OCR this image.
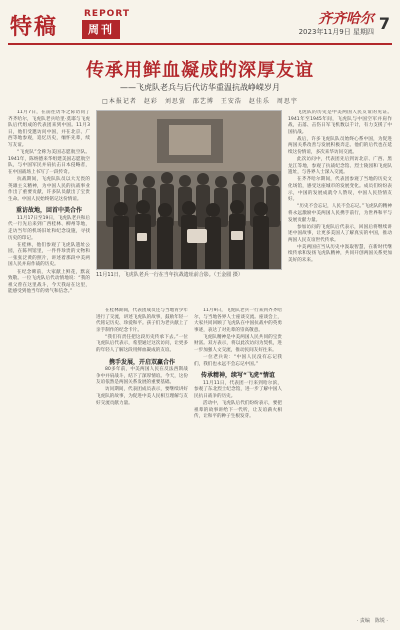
特稿	REPORT
周刊
齐齐哈尔
2023年11月9日 星期四 7
传承用鲜血凝成的深厚友谊
——飞虎队老兵与后代访华重温抗战峥嵘岁月
□本报记者　赵彩　刘思萤　邵艺博　王安浩　赵佳乐　周思宇

11月7日，在前往访华之际访问了齐齐哈尔，飞虎队老兵哈里·莫耶与飞虎队后代组成的代表团来到中国。11月3日，他们受邀访问中国，并在北京、广西等地参观，追忆历史，缅怀先辈，续写友谊。

“飞虎队”全称为美国志愿航空队。1941年，陈纳德来华组建美国志愿航空队，与中国军民并肩抗击日本侵略者，在中国战场上书写了一段传奇。

抗战期间，飞虎队队员以大无畏的英雄主义精神，为中国人民的抗战事业作出了重要贡献，许多队员献出了宝贵生命。中国人民始终铭记这份情谊。

重访故地，回首中美合作

11月17日至19日，飞虎队老兵和后代一行先后来到广西桂林、柳州等地，走访当年的机场旧址和纪念设施，寻找历史的印记。

在桂林，他们参观了飞虎队遗址公园，在陈列馆里，一件件珍贵的文物和一张张泛黄的照片，讲述着那段中美两国人民并肩作战的历史。

在纪念碑前，大家献上鲜花，默哀致敬。一位飞虎队后代动情地说：“我的祖父曾在这里战斗，今天我站在这里，能感受到他当年的勇气和信念。”

11月11日，飞虎队老兵一行在当年抗战遗址前合影。（王金圆 摄）

在桂林期间，代表团成员还与当地青少年进行了交流，讲述飞虎队的故事，鼓励年轻一代铭记历史、珍爱和平。孩子们为老兵献上了亲手制作的纪念卡片。

“我们有责任把这段历史传承下去。”一位飞虎队后代表示，希望通过这次访问，让更多的年轻人了解这段用鲜血凝成的友谊。

携手发展，开启双赢合作

80多年前，中美两国人民在反法西斯战争中并肩战斗，结下了深厚情谊。今天，这份友谊依然是两国关系发展的重要基础。

访问期间，代表团成员表示，要继续讲好飞虎队的故事，为促进中美人民相互理解与友好交流贡献力量。

11月9日，飞虎队老兵一行来到齐齐哈尔，与当地各界人士座谈交流。座谈会上，大家共同回顾了飞虎队在中国抗战中的英勇事迹，表达了对先辈的崇高敬意。

飞虎队精神是中美两国人民共同的宝贵财富。双方表示，将以此次访问为契机，进一步加强人文交流，推动民间友好往来。

一位老兵说：“中国人民没有忘记我们，我们也永远不会忘记中国。”

传承精神，续写“飞虎”情谊

11月11日，代表团一行来到哈尔滨，参观了东北烈士纪念馆，进一步了解中国人民抗日战争的历史。

活动中，飞虎队后代们纷纷表示，要把祖辈的故事讲给下一代听，让友谊薪火相传，让和平的种子生根发芽。

飞虎队的历史是中美两国人民友谊的见证。1941年至1945年间，飞虎队与中国空军并肩作战，击落、击伤日军飞机数以千计，有力支援了中国抗战。

战后，许多飞虎队队员始终心系中国，为促进两国关系改善与发展积极奔走。他们的后代也在延续这份情谊，多次来华访问交流。

此次访问中，代表团先后到访北京、广西、黑龙江等地，参观了抗战纪念馆、烈士陵园和飞虎队遗址，与各界人士深入交流。

在齐齐哈尔期间，代表团参观了当地的历史文化场馆，感受这座城市的发展变化。成员们纷纷表示，中国的发展成就令人赞叹，中国人民热情友好。

“历史不会忘记，人民不会忘记。”飞虎队的精神将永远激励中美两国人民携手前行，为世界和平与发展贡献力量。

参加访问的飞虎队后代表示，回国后将继续讲述中国故事，让更多美国人了解真实的中国，推动两国人民友谊世代传承。

中美两国应当从历史中汲取智慧，在新时代继续传承和发扬飞虎队精神，共同开创两国关系更加美好的未来。

· 责编　陈锐 ·
